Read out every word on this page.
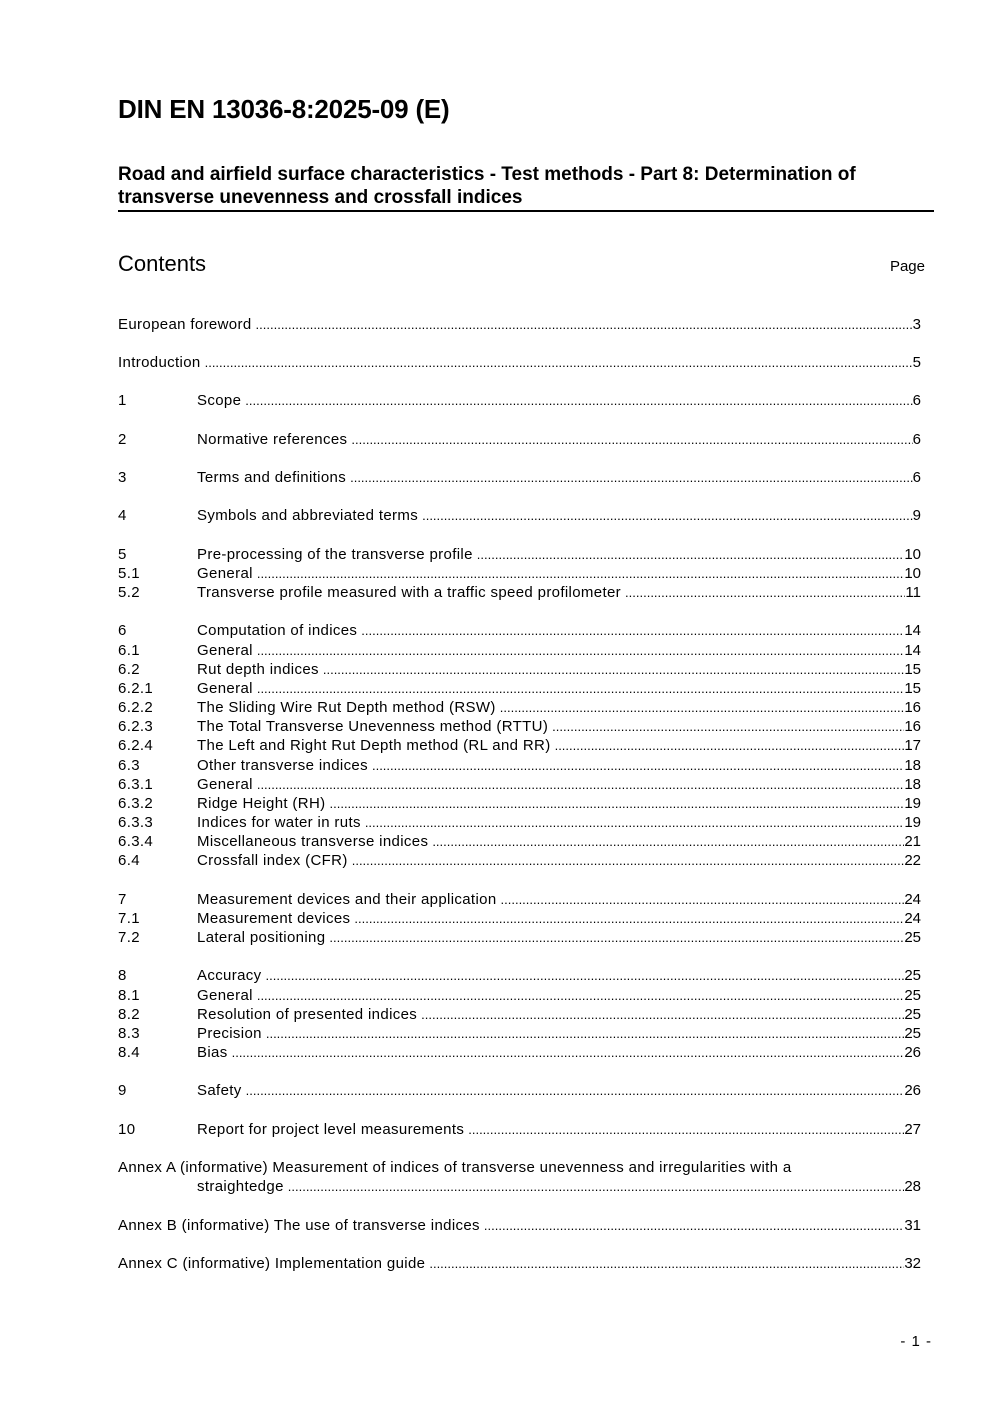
DIN EN 13036-8:2025-09 (E)
Road and airfield surface characteristics - Test methods - Part 8: Determination of transverse unevenness and crossfall indices
Contents	Page
European foreword .....	3
Introduction .....	5
1	Scope .....	6
2	Normative references .....	6
3	Terms and definitions .....	6
4	Symbols and abbreviated terms .....	9
5	Pre-processing of the transverse profile .....	10
5.1	General .....	10
5.2	Transverse profile measured with a traffic speed profilometer .....	11
6	Computation of indices .....	14
6.1	General .....	14
6.2	Rut depth indices .....	15
6.2.1	General .....	15
6.2.2	The Sliding Wire Rut Depth method (RSW) .....	16
6.2.3	The Total Transverse Unevenness method (RTTU) .....	16
6.2.4	The Left and Right Rut Depth method (RL and RR) .....	17
6.3	Other transverse indices .....	18
6.3.1	General .....	18
6.3.2	Ridge Height (RH) .....	19
6.3.3	Indices for water in ruts .....	19
6.3.4	Miscellaneous transverse indices .....	21
6.4	Crossfall index (CFR) .....	22
7	Measurement devices and their application .....	24
7.1	Measurement devices .....	24
7.2	Lateral positioning .....	25
8	Accuracy .....	25
8.1	General .....	25
8.2	Resolution of presented indices .....	25
8.3	Precision .....	25
8.4	Bias .....	26
9	Safety .....	26
10	Report for project level measurements .....	27
Annex A (informative) Measurement of indices of transverse unevenness and irregularities with a
straightedge .....	28
Annex B (informative) The use of transverse indices .....	31
Annex C (informative) Implementation guide .....	32
- 1 -
